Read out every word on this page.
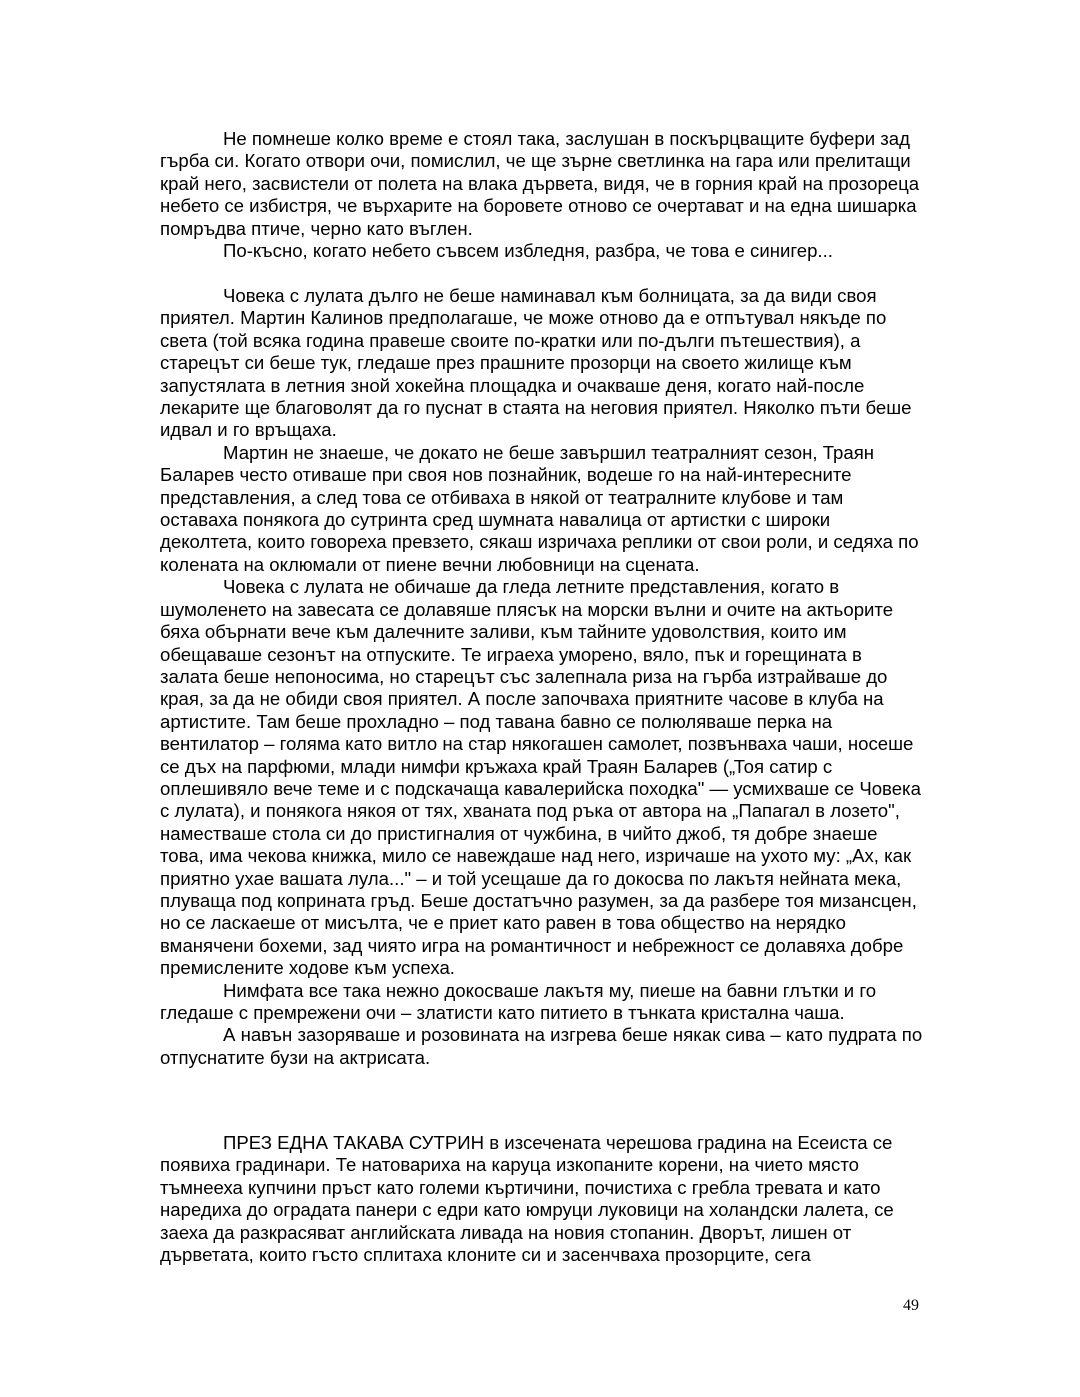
Не помнеше колко време е стоял така, заслушан в поскърцващите буфери зад гърба си. Когато отвори очи, помислил, че ще зърне светлинка на гара или прелитащи край него, засвистели от полета на влака дървета, видя, че в горния край на прозореца небето се избистря, че върхарите на боровете отново се очертават и на една шишарка помръдва птиче, черно като въглен.

По-късно, когато небето съвсем избледня, разбра, че това е синигер...

Човека с лулата дълго не беше наминавал към болницата, за да види своя приятел. Мартин Калинов предполагаше, че може отново да е отпътувал някъде по света (той всяка година правеше своите по-кратки или по-дълги пътешествия), а старецът си беше тук, гледаше през прашните прозорци на своето жилище към запустялата в летния зной хокейна площадка и очакваше деня, когато най-после лекарите ще благоволят да го пуснат в стаята на неговия приятел. Няколко пъти беше идвал и го връщаха.

Мартин не знаеше, че докато не беше завършил театралният сезон, Траян Баларев често отиваше при своя нов познайник, водеше го на най-интересните представления, а след това се отбиваха в някой от театралните клубове и там оставаха понякога до сутринта сред шумната навалица от артистки с широки деколтета, които говореха превзето, сякаш изричаха реплики от свои роли, и седяха по колената на оклюмали от пиене вечни любовници на сцената.

Човека с лулата не обичаше да гледа летните представления, когато в шумоленето на завесата се долавяше плясък на морски вълни и очите на актьорите бяха обърнати вече към далечните заливи, към тайните удоволствия, които им обещаваше сезонът на отпуските. Те играеха уморено, вяло, пък и горещината в залата беше непоносима, но старецът със залепнала риза на гърба изтрайваше до края, за да не обиди своя приятел. А после започваха приятните часове в клуба на артистите. Там беше прохладно – под тавана бавно се полюляваше перка на вентилатор – голяма като витло на стар някогашен самолет, позвънваха чаши, носеше се дъх на парфюми, млади нимфи кръжаха край Траян Баларев („Тоя сатир с оплешивяло вече теме и с подскачаща кавалерийска походка" — усмихваше се Човека с лулата), и понякога някоя от тях, хваната под ръка от автора на „Папагал в лозето", наместваше стола си до пристигналия от чужбина, в чийто джоб, тя добре знаеше това, има чекова книжка, мило се навеждаше над него, изричаше на ухото му: „Ах, как приятно ухае вашата лула..." – и той усещаше да го докосва по лакътя нейната мека, плуваща под коприната гръд. Беше достатъчно разумен, за да разбере тоя мизансцен, но се ласкаеше от мисълта, че е приет като равен в това общество на нерядко вманячени бохеми, зад чиято игра на романтичност и небрежност се долавяха добре премислените ходове към успеха.

Нимфата все така нежно докосваше лакътя му, пиеше на бавни глътки и го гледаше с премрежени очи – златисти като питието в тънката кристална чаша.

А навън зазоряваше и розовината на изгрева беше някак сива – като пудрата по отпуснатите бузи на актрисата.

ПРЕЗ ЕДНА ТАКАВА СУТРИН в изсечената черешова градина на Есеиста се появиха градинари. Те натовариха на каруца изкопаните корени, на чието място тъмнееха купчини пръст като големи къртичини, почистиха с гребла тревата и като наредиха до оградата панери с едри като юмруци луковици на холандски лалета, се заеха да разкрасяват английската ливада на новия стопанин. Дворът, лишен от дърветата, които гъсто сплитаха клоните си и засенчваха прозорците, сега

49
